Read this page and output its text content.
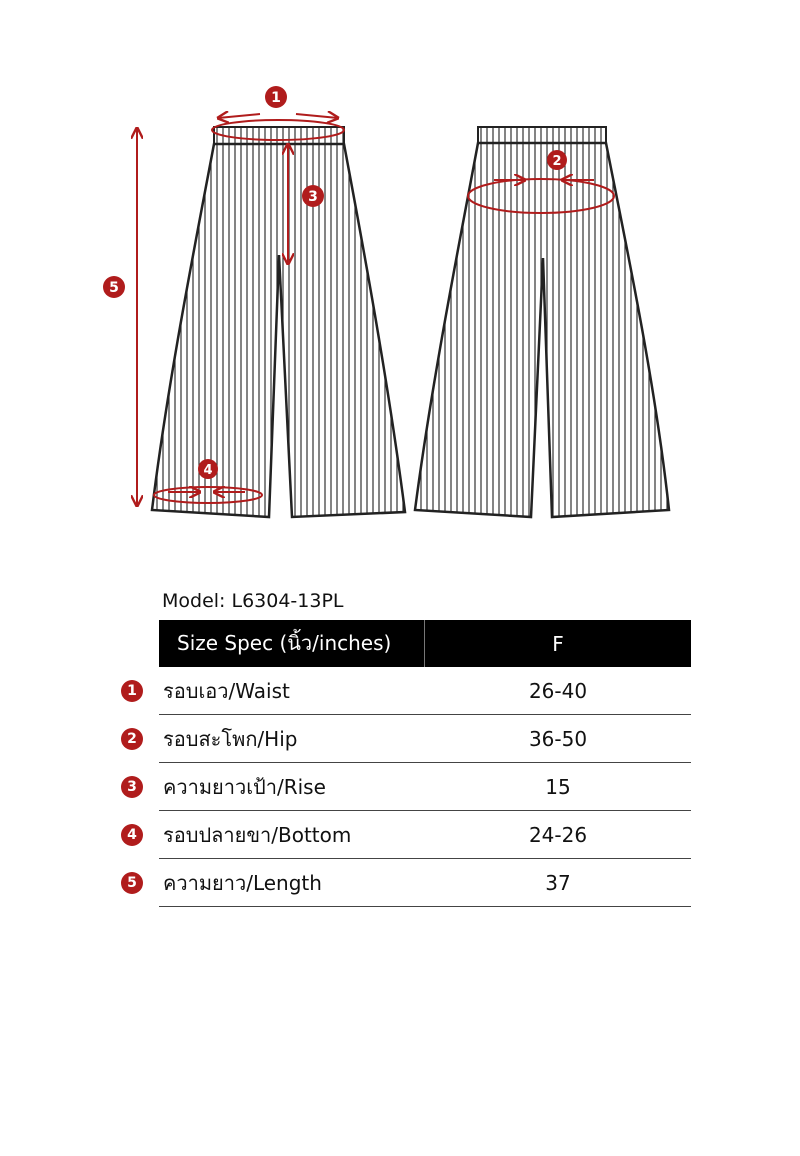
1
2
3
4
5
Model: L6304-13PL
Size Spec (นิ้ว/inches)	F
1	รอบเอว/Waist	26-40
2	รอบสะโพก/Hip	36-50
3	ความยาวเป้า/Rise	15
4	รอบปลายขา/Bottom	24-26
5	ความยาว/Length	37
